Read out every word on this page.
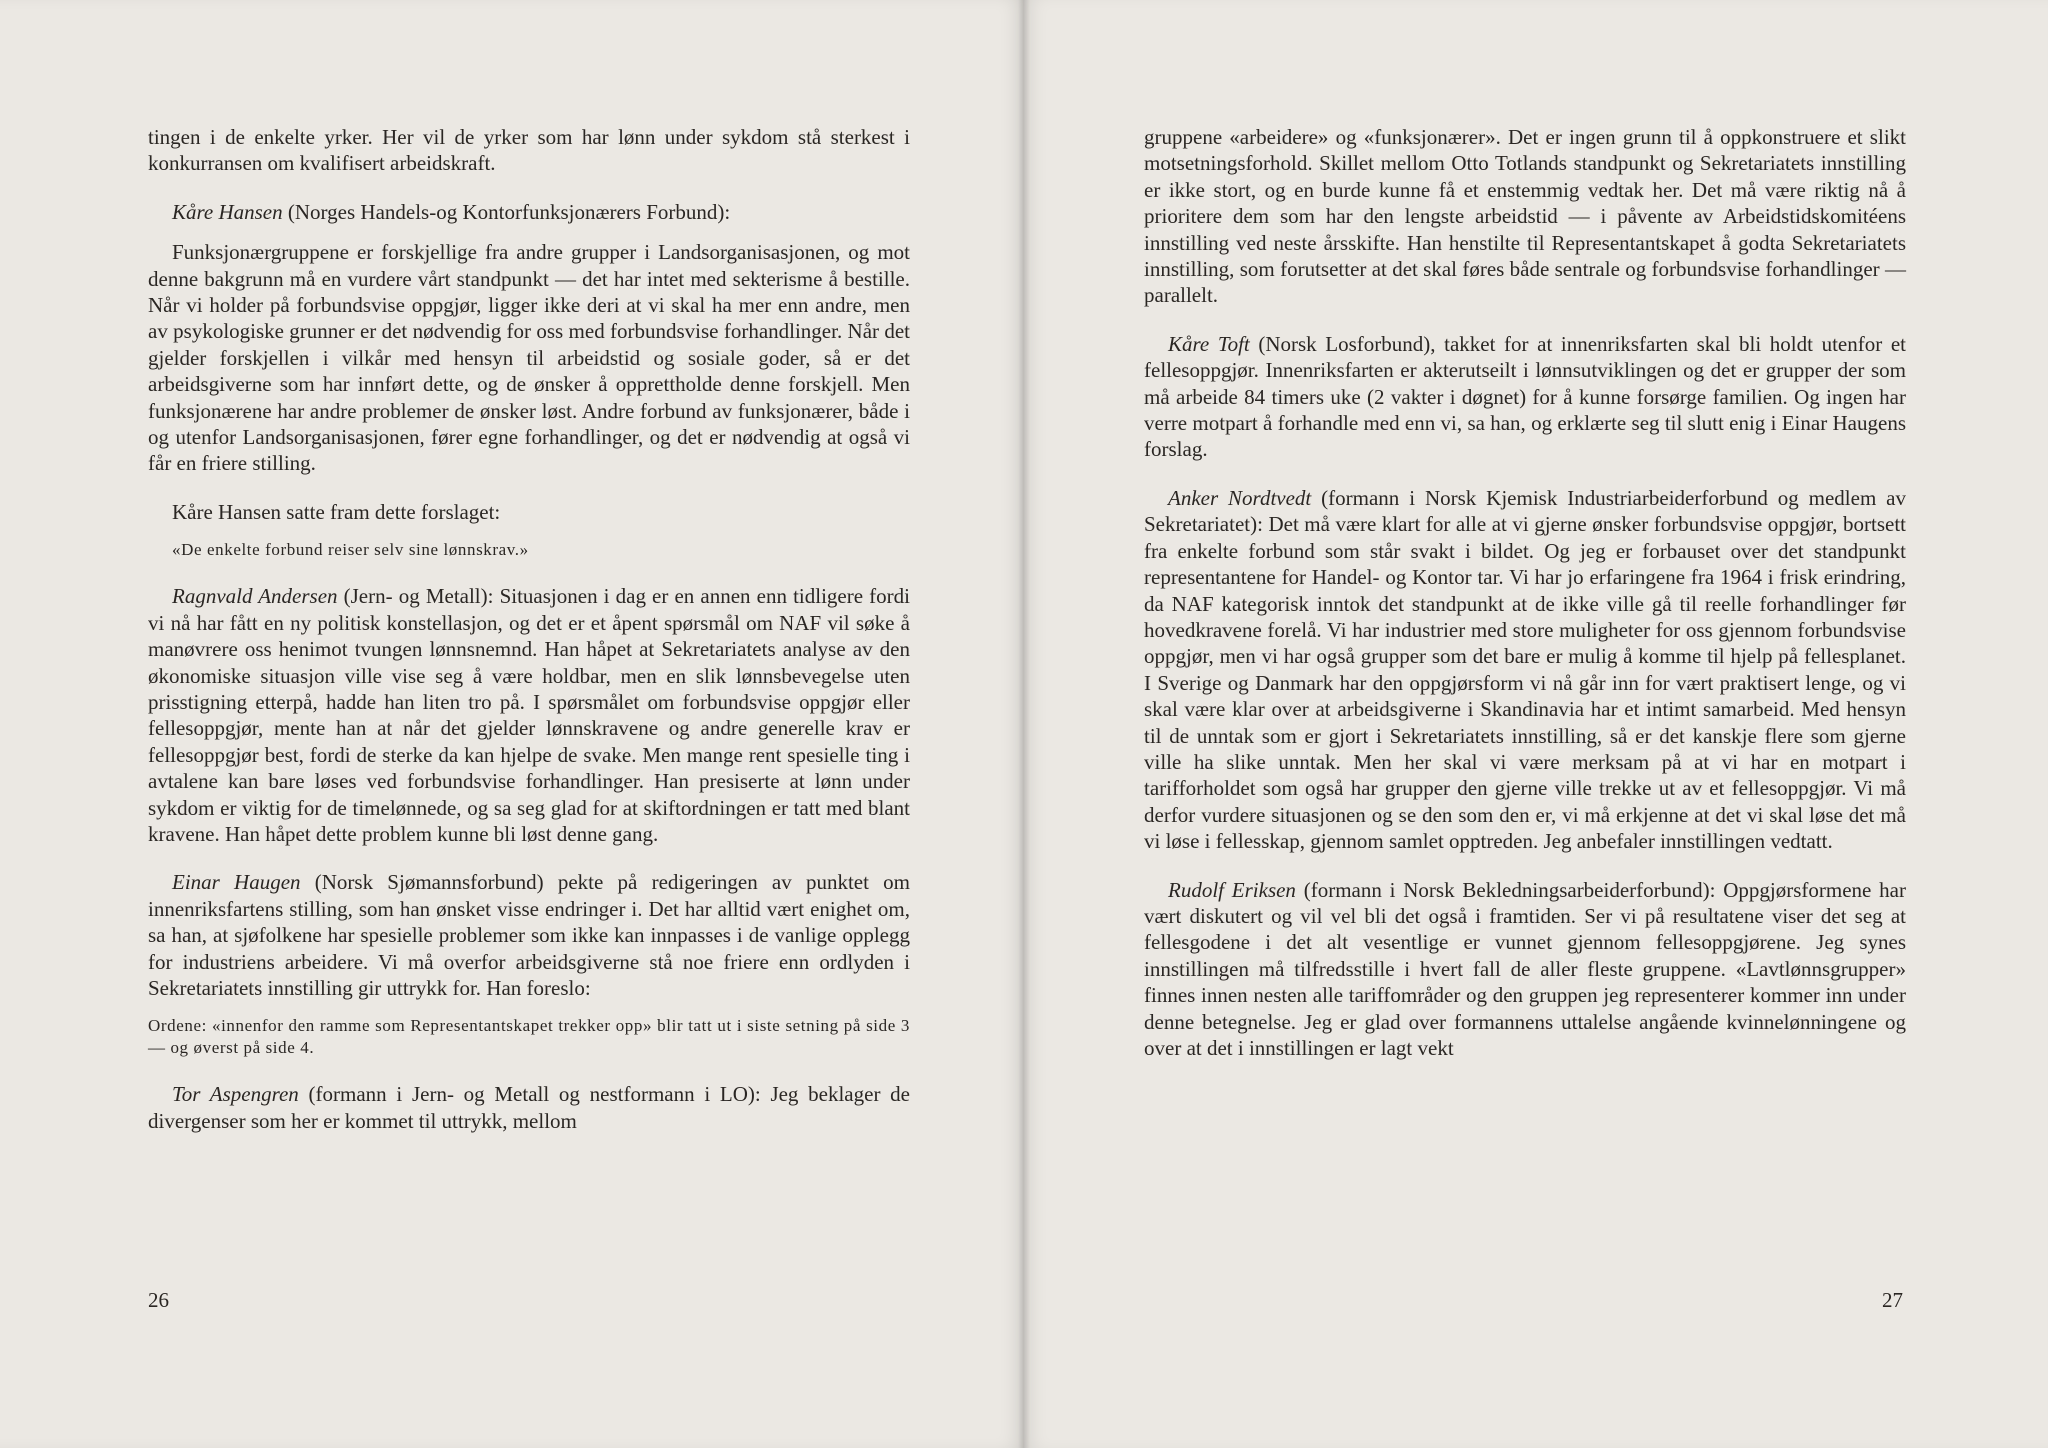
tingen i de enkelte yrker. Her vil de yrker som har lønn under sykdom stå sterkest i konkurransen om kvalifisert arbeidskraft.

Kåre Hansen (Norges Handels-og Kontorfunksjonærers Forbund):

Funksjonærgruppene er forskjellige fra andre grupper i Landsorganisasjonen, og mot denne bakgrunn må en vurdere vårt standpunkt — det har intet med sekterisme å bestille. Når vi holder på forbundsvise oppgjør, ligger ikke deri at vi skal ha mer enn andre, men av psykologiske grunner er det nødvendig for oss med forbundsvise forhandlinger. Når det gjelder forskjellen i vilkår med hensyn til arbeidstid og sosiale goder, så er det arbeidsgiverne som har innført dette, og de ønsker å opprettholde denne forskjell. Men funksjonærene har andre problemer de ønsker løst. Andre forbund av funksjonærer, både i og utenfor Landsorganisasjonen, fører egne forhandlinger, og det er nødvendig at også vi får en friere stilling.

Kåre Hansen satte fram dette forslaget:

«De enkelte forbund reiser selv sine lønnskrav.»

Ragnvald Andersen (Jern- og Metall): Situasjonen i dag er en annen enn tidligere fordi vi nå har fått en ny politisk konstellasjon, og det er et åpent spørsmål om NAF vil søke å manøvrere oss henimot tvungen lønnsnemnd. Han håpet at Sekretariatets analyse av den økonomiske situasjon ville vise seg å være holdbar, men en slik lønnsbevegelse uten prisstigning etterpå, hadde han liten tro på. I spørsmålet om forbundsvise oppgjør eller fellesoppgjør, mente han at når det gjelder lønnskravene og andre generelle krav er fellesoppgjør best, fordi de sterke da kan hjelpe de svake. Men mange rent spesielle ting i avtalene kan bare løses ved forbundsvise forhandlinger. Han presiserte at lønn under sykdom er viktig for de timelønnede, og sa seg glad for at skiftordningen er tatt med blant kravene. Han håpet dette problem kunne bli løst denne gang.

Einar Haugen (Norsk Sjømannsforbund) pekte på redigeringen av punktet om innenriksfartens stilling, som han ønsket visse endringer i. Det har alltid vært enighet om, sa han, at sjøfolkene har spesielle problemer som ikke kan innpasses i de vanlige opplegg for industriens arbeidere. Vi må overfor arbeidsgiverne stå noe friere enn ordlyden i Sekretariatets innstilling gir uttrykk for. Han foreslo:

Ordene: «innenfor den ramme som Representantskapet trekker opp» blir tatt ut i siste setning på side 3 — og øverst på side 4.

Tor Aspengren (formann i Jern- og Metall og nestformann i LO): Jeg beklager de divergenser som her er kommet til uttrykk, mellom

26

gruppene «arbeidere» og «funksjonærer». Det er ingen grunn til å oppkonstruere et slikt motsetningsforhold. Skillet mellom Otto Totlands standpunkt og Sekretariatets innstilling er ikke stort, og en burde kunne få et enstemmig vedtak her. Det må være riktig nå å prioritere dem som har den lengste arbeidstid — i påvente av Arbeidstidskomitéens innstilling ved neste årsskifte. Han henstilte til Representantskapet å godta Sekretariatets innstilling, som forutsetter at det skal føres både sentrale og forbundsvise forhandlinger — parallelt.

Kåre Toft (Norsk Losforbund), takket for at innenriksfarten skal bli holdt utenfor et fellesoppgjør. Innenriksfarten er akterutseilt i lønnsutviklingen og det er grupper der som må arbeide 84 timers uke (2 vakter i døgnet) for å kunne forsørge familien. Og ingen har verre motpart å forhandle med enn vi, sa han, og erklærte seg til slutt enig i Einar Haugens forslag.

Anker Nordtvedt (formann i Norsk Kjemisk Industriarbeiderforbund og medlem av Sekretariatet): Det må være klart for alle at vi gjerne ønsker forbundsvise oppgjør, bortsett fra enkelte forbund som står svakt i bildet. Og jeg er forbauset over det standpunkt representantene for Handel- og Kontor tar. Vi har jo erfaringene fra 1964 i frisk erindring, da NAF kategorisk inntok det standpunkt at de ikke ville gå til reelle forhandlinger før hovedkravene forelå. Vi har industrier med store muligheter for oss gjennom forbundsvise oppgjør, men vi har også grupper som det bare er mulig å komme til hjelp på fellesplanet. I Sverige og Danmark har den oppgjørsform vi nå går inn for vært praktisert lenge, og vi skal være klar over at arbeidsgiverne i Skandinavia har et intimt samarbeid. Med hensyn til de unntak som er gjort i Sekretariatets innstilling, så er det kanskje flere som gjerne ville ha slike unntak. Men her skal vi være merksam på at vi har en motpart i tarifforholdet som også har grupper den gjerne ville trekke ut av et fellesoppgjør. Vi må derfor vurdere situasjonen og se den som den er, vi må erkjenne at det vi skal løse det må vi løse i fellesskap, gjennom samlet opptreden. Jeg anbefaler innstillingen vedtatt.

Rudolf Eriksen (formann i Norsk Bekledningsarbeiderforbund): Oppgjørsformene har vært diskutert og vil vel bli det også i framtiden. Ser vi på resultatene viser det seg at fellesgodene i det alt vesentlige er vunnet gjennom fellesoppgjørene. Jeg synes innstillingen må tilfredsstille i hvert fall de aller fleste gruppene. «Lavtlønnsgrupper» finnes innen nesten alle tariffområder og den gruppen jeg representerer kommer inn under denne betegnelse. Jeg er glad over formannens uttalelse angående kvinnelønningene og over at det i innstillingen er lagt vekt

27
